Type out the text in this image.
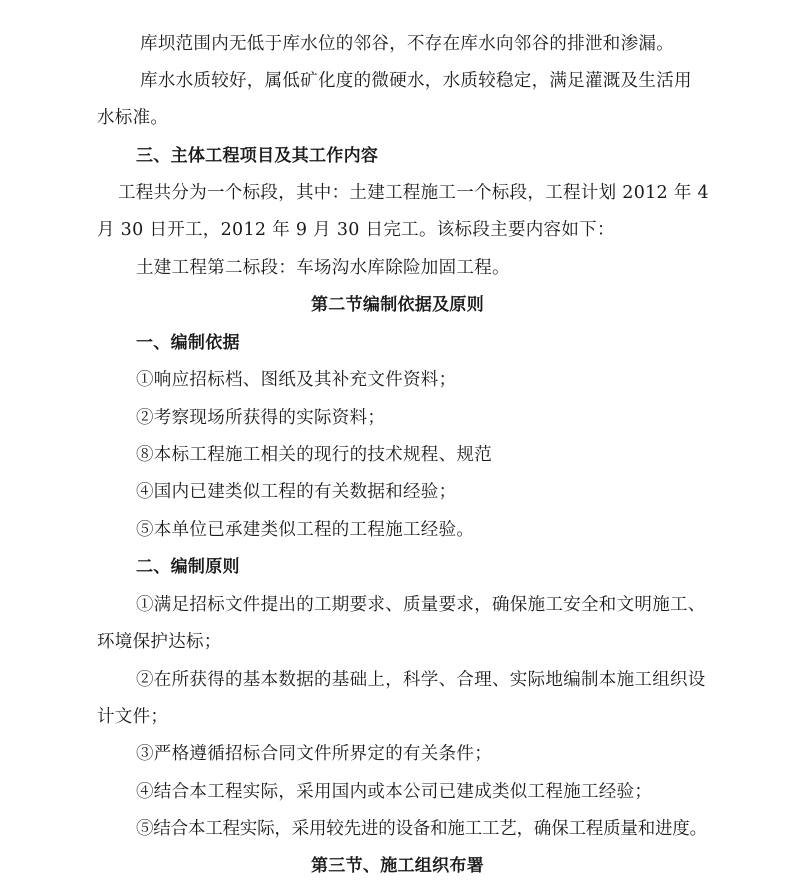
库坝范围内无低于库水位的邻谷，不存在库水向邻谷的排泄和渗漏。
库水水质较好，属低矿化度的微硬水，水质较稳定，满足灌溉及生活用
水标准。
三、主体工程项目及其工作内容
工程共分为一个标段，其中：土建工程施工一个标段，工程计划 2012 年 4
月 30 日开工，2012 年 9 月 30 日完工。该标段主要内容如下：
土建工程第二标段：车场沟水库除险加固工程。
第二节编制依据及原则
一、编制依据
①响应招标档、图纸及其补充文件资料；
②考察现场所获得的实际资料；
⑧本标工程施工相关的现行的技术规程、规范
④国内已建类似工程的有关数据和经验；
⑤本单位已承建类似工程的工程施工经验。
二、编制原则
①满足招标文件提出的工期要求、质量要求，确保施工安全和文明施工、
环境保护达标；
②在所获得的基本数据的基础上，科学、合理、实际地编制本施工组织设
计文件；
③严格遵循招标合同文件所界定的有关条件；
④结合本工程实际，采用国内或本公司已建成类似工程施工经验；
⑤结合本工程实际，采用较先进的设备和施工工艺，确保工程质量和进度。
第三节、施工组织布署
